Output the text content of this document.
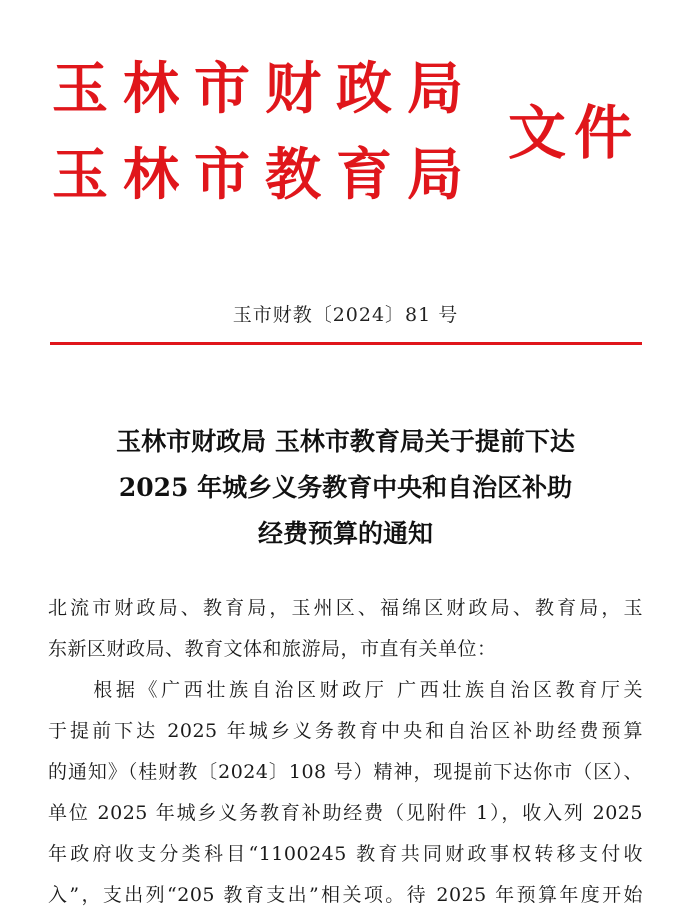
玉林市财政局
玉林市教育局
文件
玉市财教〔2024〕81 号
玉林市财政局 玉林市教育局关于提前下达
2025 年城乡义务教育中央和自治区补助
经费预算的通知
北流市财政局、教育局，玉州区、福绵区财政局、教育局，玉
东新区财政局、教育文体和旅游局，市直有关单位：
　　根据《广西壮族自治区财政厅 广西壮族自治区教育厅关
于提前下达 2025 年城乡义务教育中央和自治区补助经费预算
的通知》（桂财教〔2024〕108 号）精神，现提前下达你市（区）、
单位 2025 年城乡义务教育补助经费（见附件 1），收入列 2025
年政府收支分类科目“1100245 教育共同财政事权转移支付收
入”，支出列“205 教育支出”相关项。待 2025 年预算年度开始
